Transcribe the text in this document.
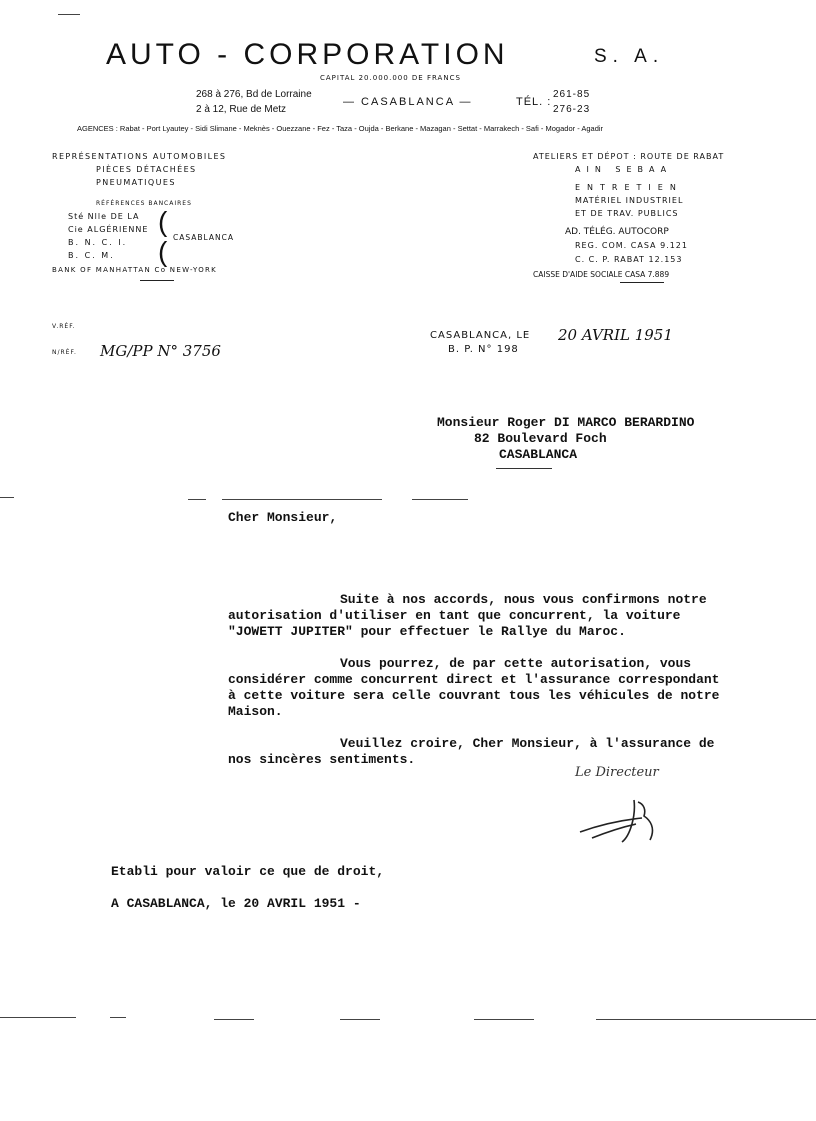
AUTO - CORPORATION	S. A.
CAPITAL 20.000.000 DE FRANCS
268 à 276, Bd de Lorraine
2 à 12, Rue de Metz
— CASABLANCA —	TÉL. :
261-85
276-23
AGENCES : Rabat - Port Lyautey - Sidi Slimane - Meknès - Ouezzane - Fez - Taza - Oujda - Berkane - Mazagan - Settat - Marrakech - Safi - Mogador - Agadir
REPRÉSENTATIONS AUTOMOBILES
PIÈCES DÉTACHÉES
PNEUMATIQUES
RÉFÉRENCES BANCAIRES
Sté Nlle DE LA
Cie ALGÉRIENNE
B. N. C. I.
B. C. M.
(
( CASABLANCA
BANK OF MANHATTAN Co NEW-YORK
ATELIERS ET DÉPOT : ROUTE DE RABAT
AIN SEBAA
ENTRETIEN
MATÉRIEL INDUSTRIEL
ET DE TRAV. PUBLICS
AD. TÉLÉG. AUTOCORP
REG. COM. CASA 9.121
C. C. P. RABAT 12.153
CAISSE D'AIDE SOCIALE CASA 7.889
V.RÉF.
N/RÉF. MG/PP N° 3756
CASABLANCA, LE 20 AVRIL 1951
B. P. N° 198
Monsieur Roger DI MARCO BERARDINO
82 Boulevard Foch
CASABLANCA
Cher Monsieur,
Suite à nos accords, nous vous confirmons notre
autorisation d'utiliser en tant que concurrent, la voiture
"JOWETT JUPITER" pour effectuer le Rallye du Maroc.
Vous pourrez, de par cette autorisation, vous
considérer comme concurrent direct et l'assurance correspondant
à cette voiture sera celle couvrant tous les véhicules de notre
Maison.
Veuillez croire, Cher Monsieur, à l'assurance de
nos sincères sentiments.
Le Directeur
Etabli pour valoir ce que de droit,
A CASABLANCA, le 20 AVRIL 1951 -
